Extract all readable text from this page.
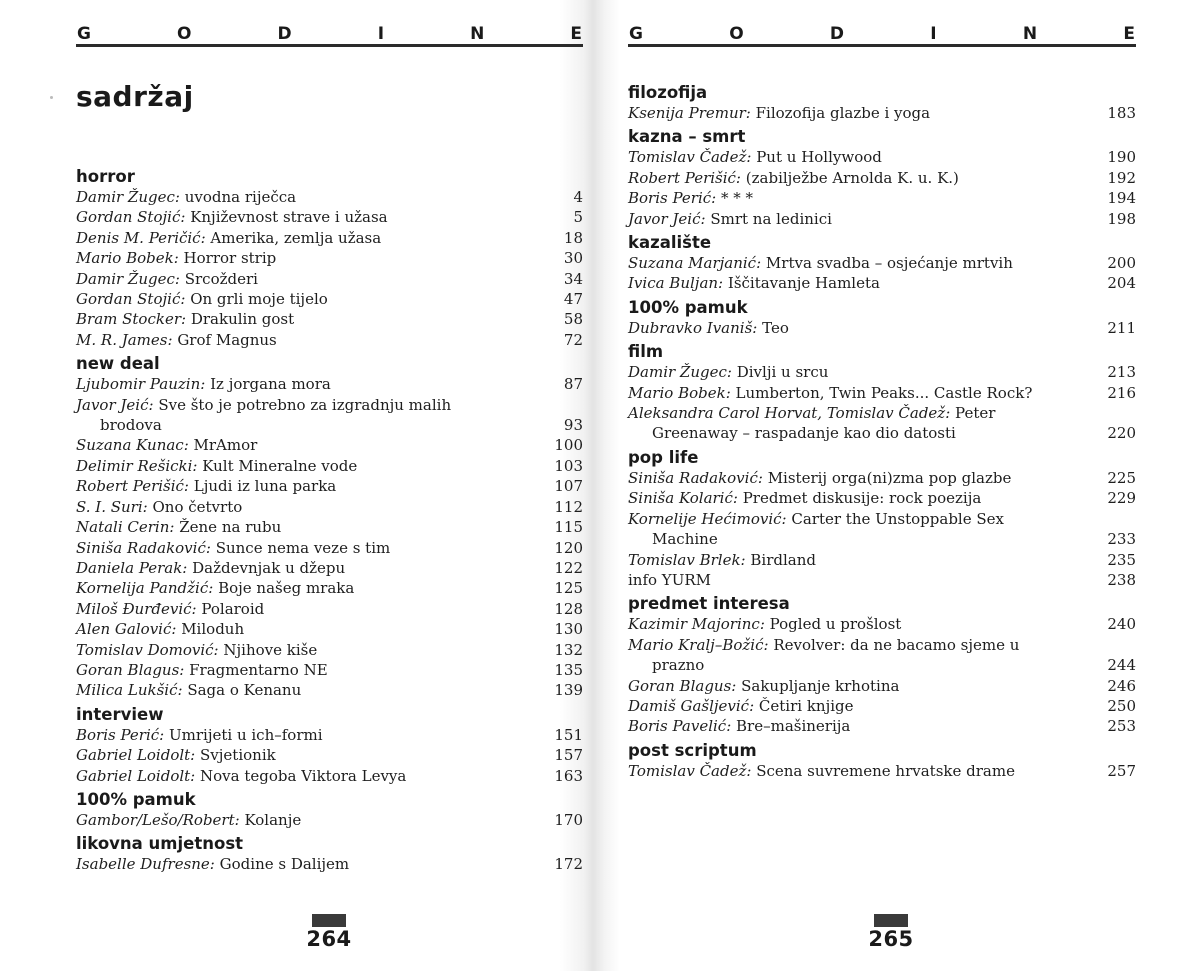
G	O	D	I	N	E
sadržaj
horror
Damir Žugec: uvodna riječca	4
Gordan Stojić: Književnost strave i užasa	5
Denis M. Peričić: Amerika, zemlja užasa	18
Mario Bobek: Horror strip	30
Damir Žugec: Srcožderi	34
Gordan Stojić: On grli moje tijelo	47
Bram Stocker: Drakulin gost	58
M. R. James: Grof Magnus	72
new deal
Ljubomir Pauzin: Iz jorgana mora	87
Javor Jeić: Sve što je potrebno za izgradnju malih
brodova	93
Suzana Kunac: MrAmor	100
Delimir Rešicki: Kult Mineralne vode	103
Robert Perišić: Ljudi iz luna parka	107
S. I. Suri: Ono četvrto	112
Natali Cerin: Žene na rubu	115
Siniša Radaković: Sunce nema veze s tim	120
Daniela Perak: Daždevnjak u džepu	122
Kornelija Pandžić: Boje našeg mraka	125
Miloš Đurđević: Polaroid	128
Alen Galović: Miloduh	130
Tomislav Domović: Njihove kiše	132
Goran Blagus: Fragmentarno NE	135
Milica Lukšić: Saga o Kenanu	139
interview
Boris Perić: Umrijeti u ich–formi	151
Gabriel Loidolt: Svjetionik	157
Gabriel Loidolt: Nova tegoba Viktora Levya	163
100% pamuk
Gambor/Lešo/Robert: Kolanje	170
likovna umjetnost
Isabelle Dufresne: Godine s Dalijem	172
264
G	O	D	I	N	E
filozofija
Ksenija Premur: Filozofija glazbe i yoga	183
kazna – smrt
Tomislav Čadež: Put u Hollywood	190
Robert Perišić: (zabilježbe Arnolda K. u. K.)	192
Boris Perić: * * *	194
Javor Jeić: Smrt na ledinici	198
kazalište
Suzana Marjanić: Mrtva svadba – osjećanje mrtvih	200
Ivica Buljan: Iščitavanje Hamleta	204
100% pamuk
Dubravko Ivaniš: Teo	211
film
Damir Žugec: Divlji u srcu	213
Mario Bobek: Lumberton, Twin Peaks... Castle Rock?	216
Aleksandra Carol Horvat, Tomislav Čadež: Peter
Greenaway – raspadanje kao dio datosti	220
pop life
Siniša Radaković: Misterij orga(ni)zma pop glazbe	225
Siniša Kolarić: Predmet diskusije: rock poezija	229
Kornelije Hećimović: Carter the Unstoppable Sex
Machine	233
Tomislav Brlek: Birdland	235
info YURM	238
predmet interesa
Kazimir Majorinc: Pogled u prošlost	240
Mario Kralj–Božić: Revolver: da ne bacamo sjeme u
prazno	244
Goran Blagus: Sakupljanje krhotina	246
Damiš Gašljević: Četiri knjige	250
Boris Pavelić: Bre–mašinerija	253
post scriptum
Tomislav Čadež: Scena suvremene hrvatske drame	257
265
